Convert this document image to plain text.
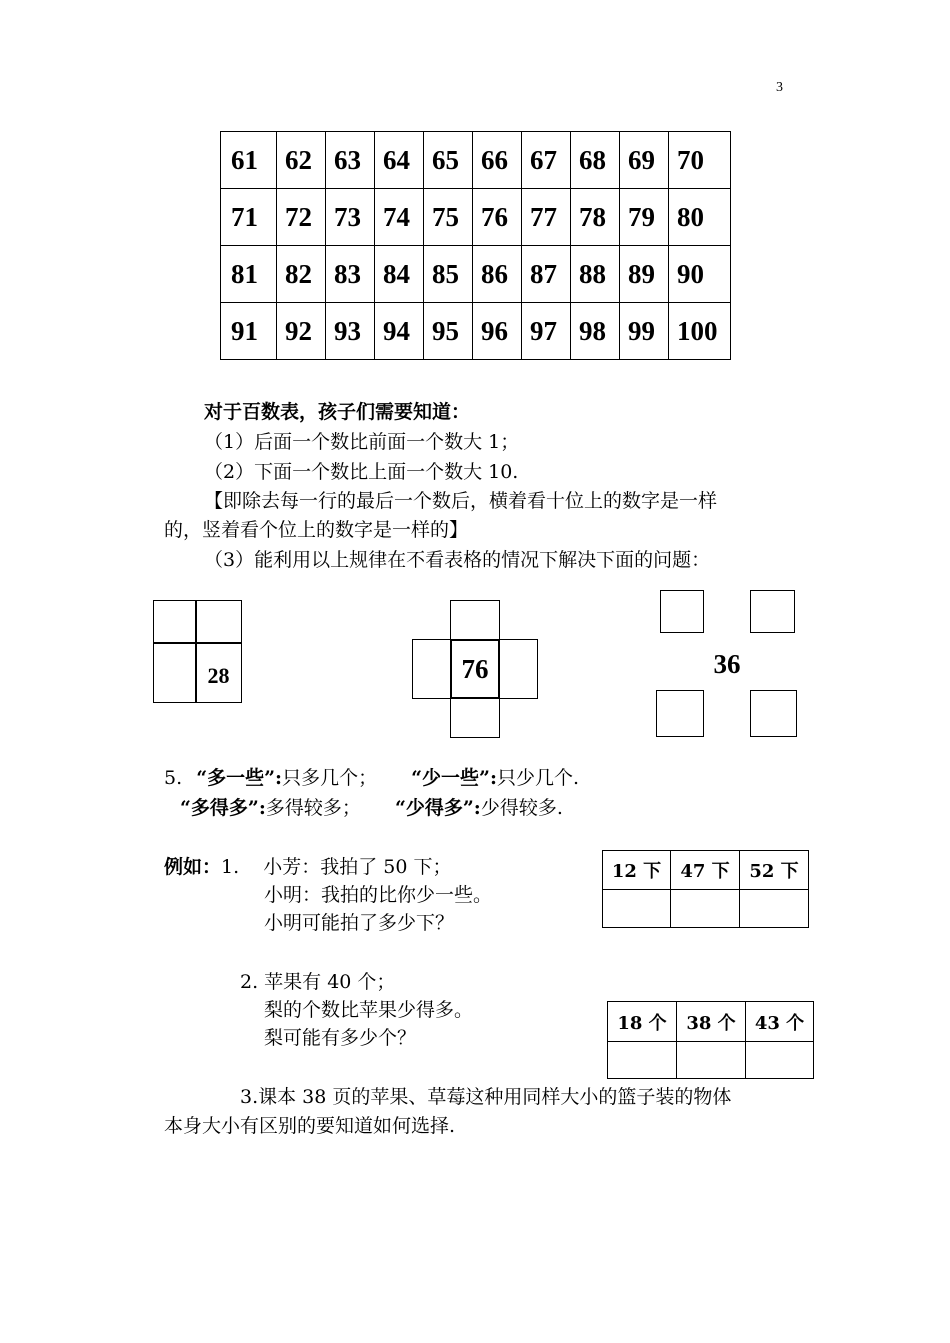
3
61	62	63	64	65	66	67	68	69	70
71	72	73	74	75	76	77	78	79	80
81	82	83	84	85	86	87	88	89	90
91	92	93	94	95	96	97	98	99	100
对于百数表，孩子们需要知道：
（1）后面一个数比前面一个数大 1；
（2）下面一个数比上面一个数大 10.
【即除去每一行的最后一个数后，横着看十位上的数字是一样
的，竖着看个位上的数字是一样的】
（3）能利用以上规律在不看表格的情况下解决下面的问题：
28	76	36
5. “多一些”:只多几个； “少一些”:只少几个.
“多得多”:多得较多； “少得多”:少得较多.
例如：1. 小芳：我拍了 50 下；
小明：我拍的比你少一些。
小明可能拍了多少下？
12 下	47 下	52 下

2. 苹果有 40 个；
梨的个数比苹果少得多。
梨可能有多少个？
18 个	38 个	43 个

3.课本 38 页的苹果、草莓这种用同样大小的篮子装的物体
本身大小有区别的要知道如何选择.
